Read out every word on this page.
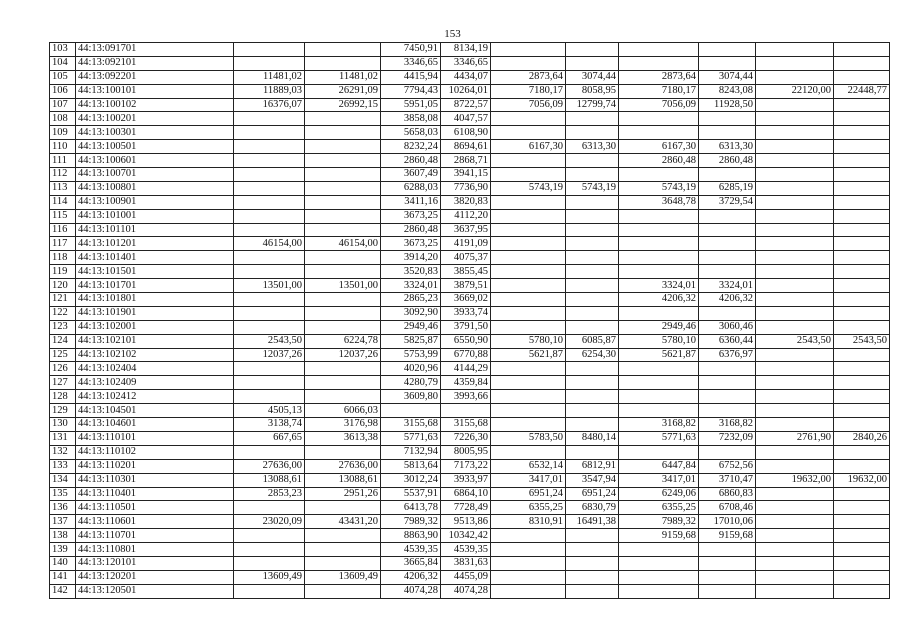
153
103	44:13:091701			7450,91	8134,19						
104	44:13:092101			3346,65	3346,65						
105	44:13:092201	11481,02	11481,02	4415,94	4434,07	2873,64	3074,44	2873,64	3074,44		
106	44:13:100101	11889,03	26291,09	7794,43	10264,01	7180,17	8058,95	7180,17	8243,08	22120,00	22448,77
107	44:13:100102	16376,07	26992,15	5951,05	8722,57	7056,09	12799,74	7056,09	11928,50		
108	44:13:100201			3858,08	4047,57						
109	44:13:100301			5658,03	6108,90						
110	44:13:100501			8232,24	8694,61	6167,30	6313,30	6167,30	6313,30		
111	44:13:100601			2860,48	2868,71			2860,48	2860,48		
112	44:13:100701			3607,49	3941,15						
113	44:13:100801			6288,03	7736,90	5743,19	5743,19	5743,19	6285,19		
114	44:13:100901			3411,16	3820,83			3648,78	3729,54		
115	44:13:101001			3673,25	4112,20						
116	44:13:101101			2860,48	3637,95						
117	44:13:101201	46154,00	46154,00	3673,25	4191,09						
118	44:13:101401			3914,20	4075,37						
119	44:13:101501			3520,83	3855,45						
120	44:13:101701	13501,00	13501,00	3324,01	3879,51			3324,01	3324,01		
121	44:13:101801			2865,23	3669,02			4206,32	4206,32		
122	44:13:101901			3092,90	3933,74						
123	44:13:102001			2949,46	3791,50			2949,46	3060,46		
124	44:13:102101	2543,50	6224,78	5825,87	6550,90	5780,10	6085,87	5780,10	6360,44	2543,50	2543,50
125	44:13:102102	12037,26	12037,26	5753,99	6770,88	5621,87	6254,30	5621,87	6376,97		
126	44:13:102404			4020,96	4144,29						
127	44:13:102409			4280,79	4359,84						
128	44:13:102412			3609,80	3993,66						
129	44:13:104501	4505,13	6066,03								
130	44:13:104601	3138,74	3176,98	3155,68	3155,68			3168,82	3168,82		
131	44:13:110101	667,65	3613,38	5771,63	7226,30	5783,50	8480,14	5771,63	7232,09	2761,90	2840,26
132	44:13:110102			7132,94	8005,95						
133	44:13:110201	27636,00	27636,00	5813,64	7173,22	6532,14	6812,91	6447,84	6752,56		
134	44:13:110301	13088,61	13088,61	3012,24	3933,97	3417,01	3547,94	3417,01	3710,47	19632,00	19632,00
135	44:13:110401	2853,23	2951,26	5537,91	6864,10	6951,24	6951,24	6249,06	6860,83		
136	44:13:110501			6413,78	7728,49	6355,25	6830,79	6355,25	6708,46		
137	44:13:110601	23020,09	43431,20	7989,32	9513,86	8310,91	16491,38	7989,32	17010,06		
138	44:13:110701			8863,90	10342,42			9159,68	9159,68		
139	44:13:110801			4539,35	4539,35						
140	44:13:120101			3665,84	3831,63						
141	44:13:120201	13609,49	13609,49	4206,32	4455,09						
142	44:13:120501			4074,28	4074,28						
